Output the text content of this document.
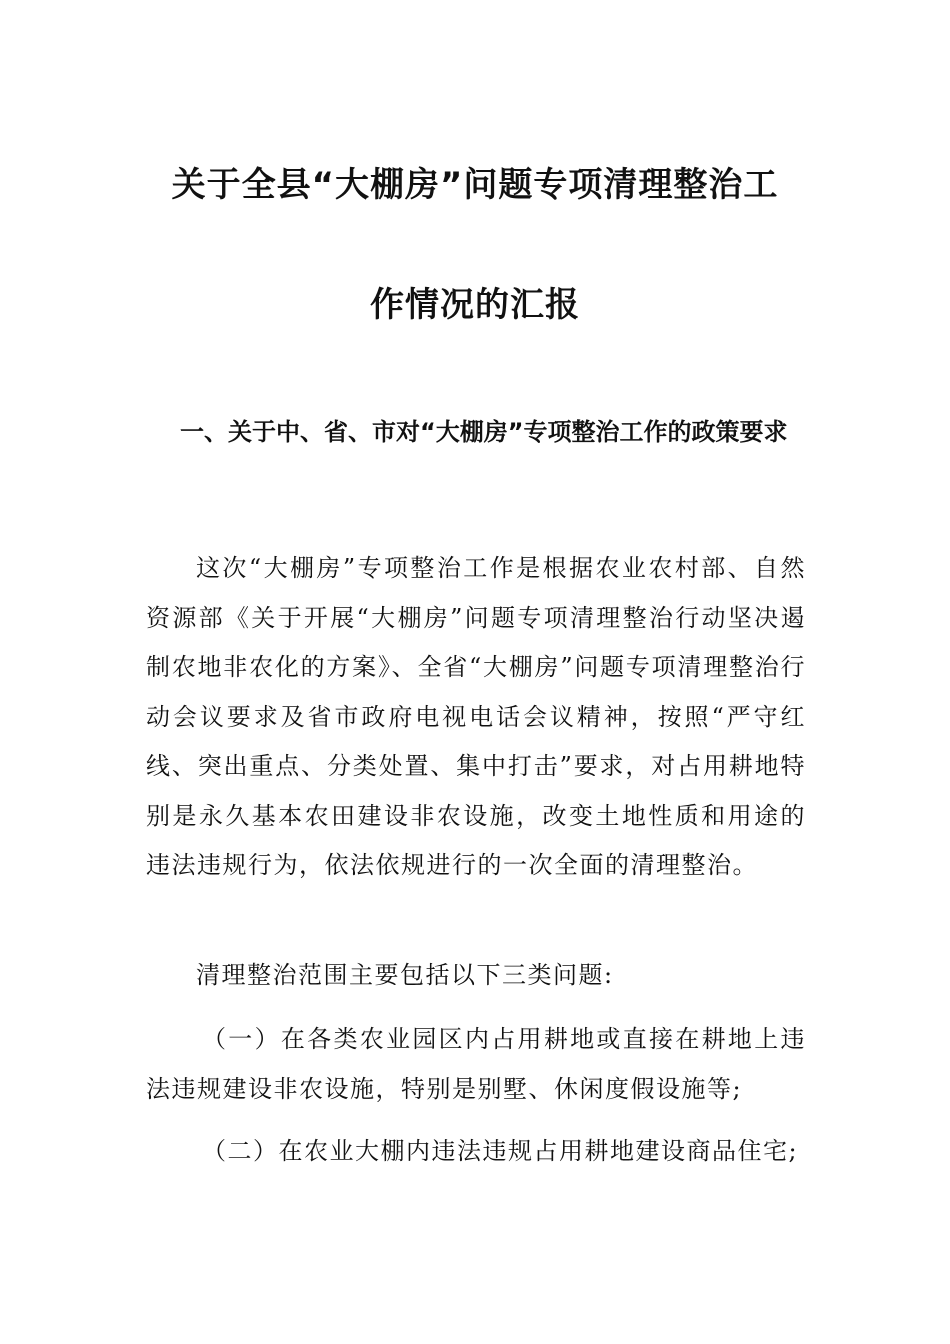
关于全县“大棚房”问题专项清理整治工
作情况的汇报
一、关于中、省、市对“大棚房”专项整治工作的政策要求

这次“大棚房”专项整治工作是根据农业农村部、自然资源部《关于开展“大棚房”问题专项清理整治行动坚决遏制农地非农化的方案》、全省“大棚房”问题专项清理整治行动会议要求及省市政府电视电话会议精神，按照“严守红线、突出重点、分类处置、集中打击”要求，对占用耕地特别是永久基本农田建设非农设施，改变土地性质和用途的违法违规行为，依法依规进行的一次全面的清理整治。

清理整治范围主要包括以下三类问题:

（一）在各类农业园区内占用耕地或直接在耕地上违法违规建设非农设施，特别是别墅、休闲度假设施等;

（二）在农业大棚内违法违规占用耕地建设商品住宅;
